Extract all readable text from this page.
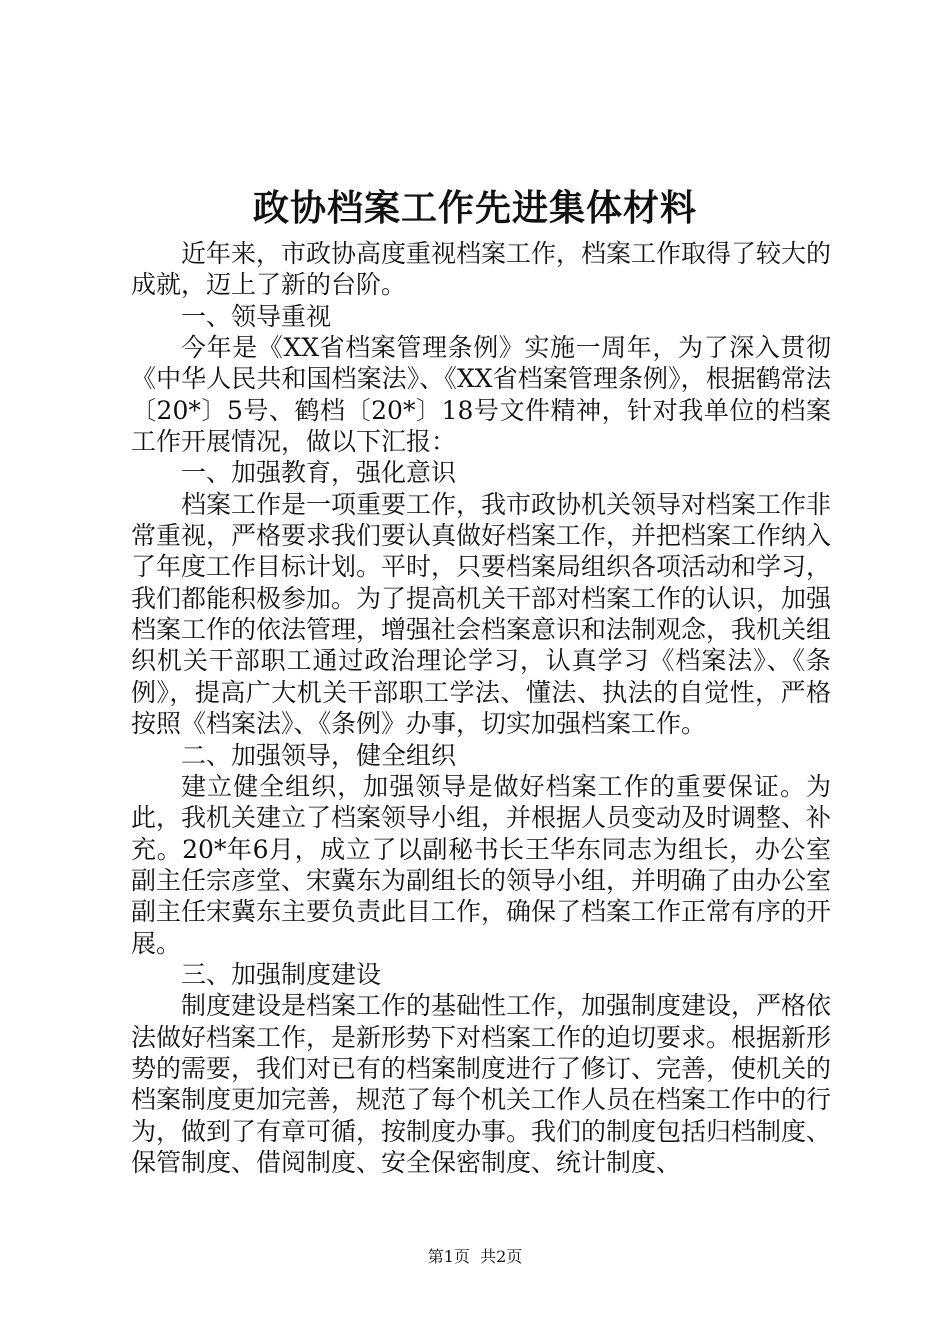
政协档案工作先进集体材料

近年来，市政协高度重视档案工作，档案工作取得了较大的成就，迈上了新的台阶。

一、领导重视

今年是《XX省档案管理条例》实施一周年，为了深入贯彻《中华人民共和国档案法》、《XX省档案管理条例》，根据鹤常法〔20*〕5号、鹤档〔20*〕18号文件精神，针对我单位的档案工作开展情况，做以下汇报：

一、加强教育，强化意识

档案工作是一项重要工作，我市政协机关领导对档案工作非常重视，严格要求我们要认真做好档案工作，并把档案工作纳入了年度工作目标计划。平时，只要档案局组织各项活动和学习，我们都能积极参加。为了提高机关干部对档案工作的认识，加强档案工作的依法管理，增强社会档案意识和法制观念，我机关组织机关干部职工通过政治理论学习，认真学习《档案法》、《条例》，提高广大机关干部职工学法、懂法、执法的自觉性，严格按照《档案法》、《条例》办事，切实加强档案工作。

二、加强领导，健全组织

建立健全组织，加强领导是做好档案工作的重要保证。为此，我机关建立了档案领导小组，并根据人员变动及时调整、补充。20*年6月，成立了以副秘书长王华东同志为组长，办公室副主任宗彦堂、宋冀东为副组长的领导小组，并明确了由办公室副主任宋冀东主要负责此目工作，确保了档案工作正常有序的开展。

三、加强制度建设

制度建设是档案工作的基础性工作，加强制度建设，严格依法做好档案工作，是新形势下对档案工作的迫切要求。根据新形势的需要，我们对已有的档案制度进行了修订、完善，使机关的档案制度更加完善，规范了每个机关工作人员在档案工作中的行为，做到了有章可循，按制度办事。我们的制度包括归档制度、保管制度、借阅制度、安全保密制度、统计制度、

第1页 共2页
